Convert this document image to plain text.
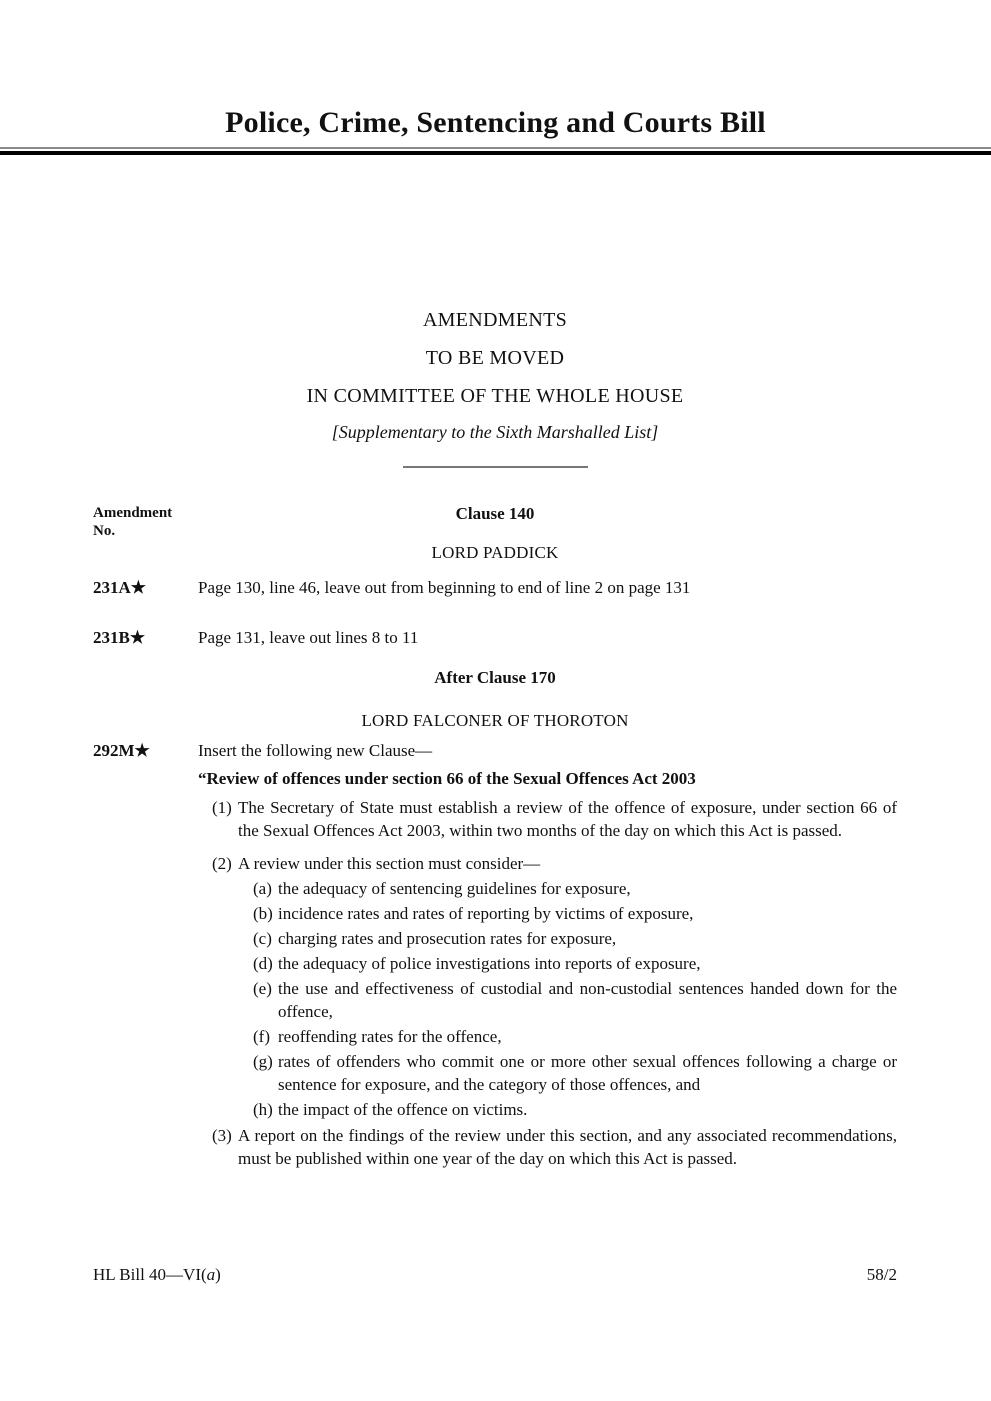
Police, Crime, Sentencing and Courts Bill
AMENDMENTS
TO BE MOVED
IN COMMITTEE OF THE WHOLE HOUSE
[Supplementary to the Sixth Marshalled List]
Amendment
No.
Clause 140
LORD PADDICK
231A★	Page 130, line 46, leave out from beginning to end of line 2 on page 131
231B★	Page 131, leave out lines 8 to 11
After Clause 170
LORD FALCONER OF THOROTON
292M★	Insert the following new Clause—
“Review of offences under section 66 of the Sexual Offences Act 2003
(1) The Secretary of State must establish a review of the offence of exposure, under section 66 of the Sexual Offences Act 2003, within two months of the day on which this Act is passed.
(2) A review under this section must consider—
(a) the adequacy of sentencing guidelines for exposure,
(b) incidence rates and rates of reporting by victims of exposure,
(c) charging rates and prosecution rates for exposure,
(d) the adequacy of police investigations into reports of exposure,
(e) the use and effectiveness of custodial and non-custodial sentences handed down for the offence,
(f) reoffending rates for the offence,
(g) rates of offenders who commit one or more other sexual offences following a charge or sentence for exposure, and the category of those offences, and
(h) the impact of the offence on victims.
(3) A report on the findings of the review under this section, and any associated recommendations, must be published within one year of the day on which this Act is passed.
HL Bill 40—VI(a)	58/2
